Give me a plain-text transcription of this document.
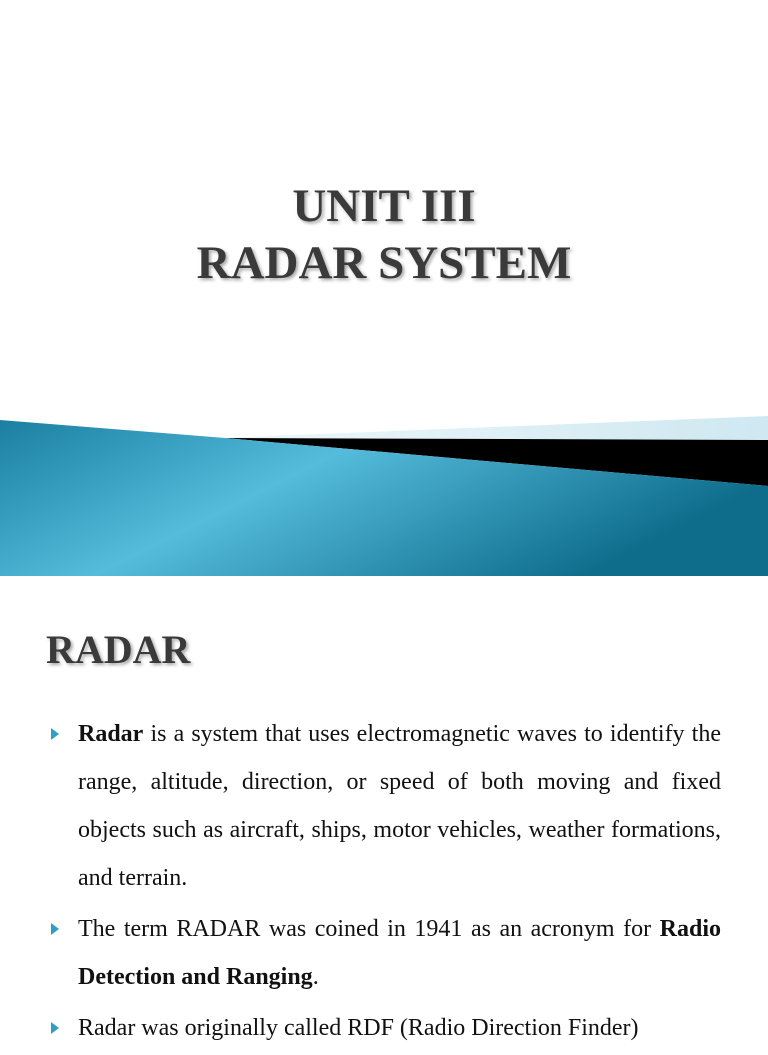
UNIT III
RADAR SYSTEM
RADAR
Radar is a system that uses electromagnetic waves to identify the range, altitude, direction, or speed of both moving and fixed objects such as aircraft, ships, motor vehicles, weather formations, and terrain.
The term RADAR was coined in 1941 as an acronym for Radio Detection and Ranging.
Radar was originally called RDF (Radio Direction Finder)
